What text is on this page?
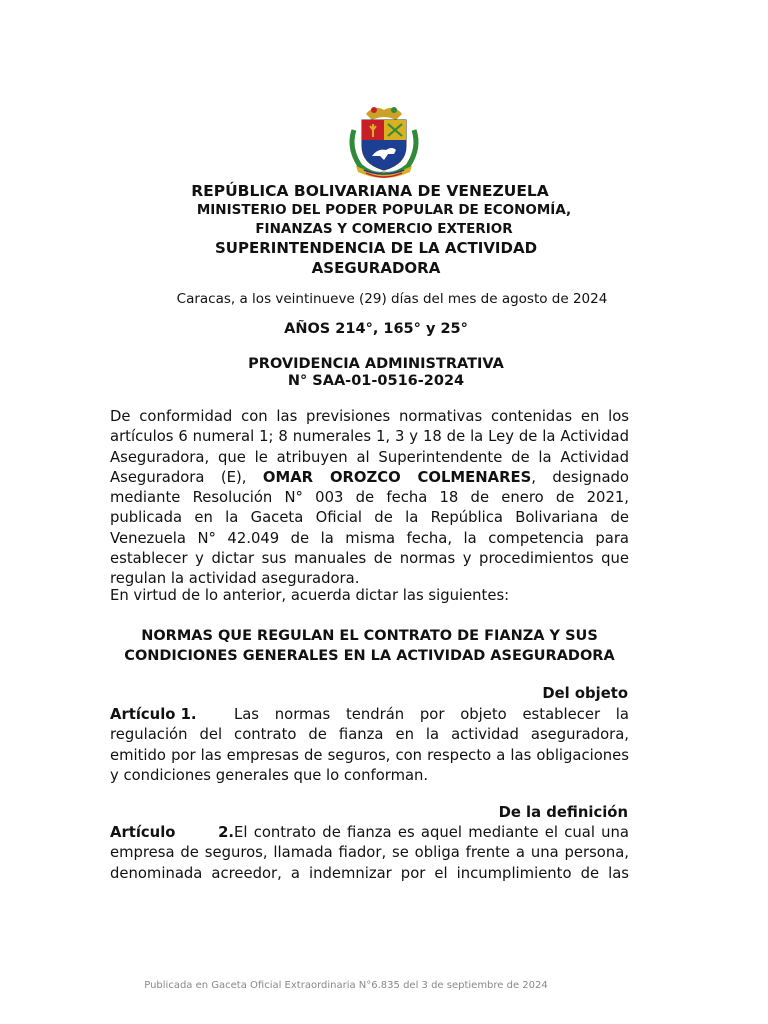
REPÚBLICA BOLIVARIANA DE VENEZUELA
MINISTERIO DEL PODER POPULAR DE ECONOMÍA,
FINANZAS Y COMERCIO EXTERIOR
SUPERINTENDENCIA DE LA ACTIVIDAD
ASEGURADORA
Caracas, a los veintinueve (29) días del mes de agosto de 2024
AÑOS 214°, 165° y 25°
PROVIDENCIA ADMINISTRATIVA
N° SAA-01-0516-2024
De conformidad con las previsiones normativas contenidas en los artículos 6 numeral 1; 8 numerales 1, 3 y 18 de la Ley de la Actividad Aseguradora, que le atribuyen al Superintendente de la Actividad Aseguradora (E), OMAR OROZCO COLMENARES, designado mediante Resolución N° 003 de fecha 18 de enero de 2021, publicada en la Gaceta Oficial de la República Bolivariana de Venezuela N° 42.049 de la misma fecha, la competencia para establecer y dictar sus manuales de normas y procedimientos que regulan la actividad aseguradora.
En virtud de lo anterior, acuerda dictar las siguientes:
NORMAS QUE REGULAN EL CONTRATO DE FIANZA Y SUS
CONDICIONES GENERALES EN LA ACTIVIDAD ASEGURADORA
Del objeto
Artículo 1.	Las normas tendrán por objeto establecer la regulación del contrato de fianza en la actividad aseguradora, emitido por las empresas de seguros, con respecto a las obligaciones y condiciones generales que lo conforman.
De la definición
Artículo 2.El contrato de fianza es aquel mediante el cual una empresa de seguros, llamada fiador, se obliga frente a una persona, denominada acreedor, a indemnizar por el incumplimiento de las
Publicada en Gaceta Oficial Extraordinaria N°6.835 del 3 de septiembre de 2024
